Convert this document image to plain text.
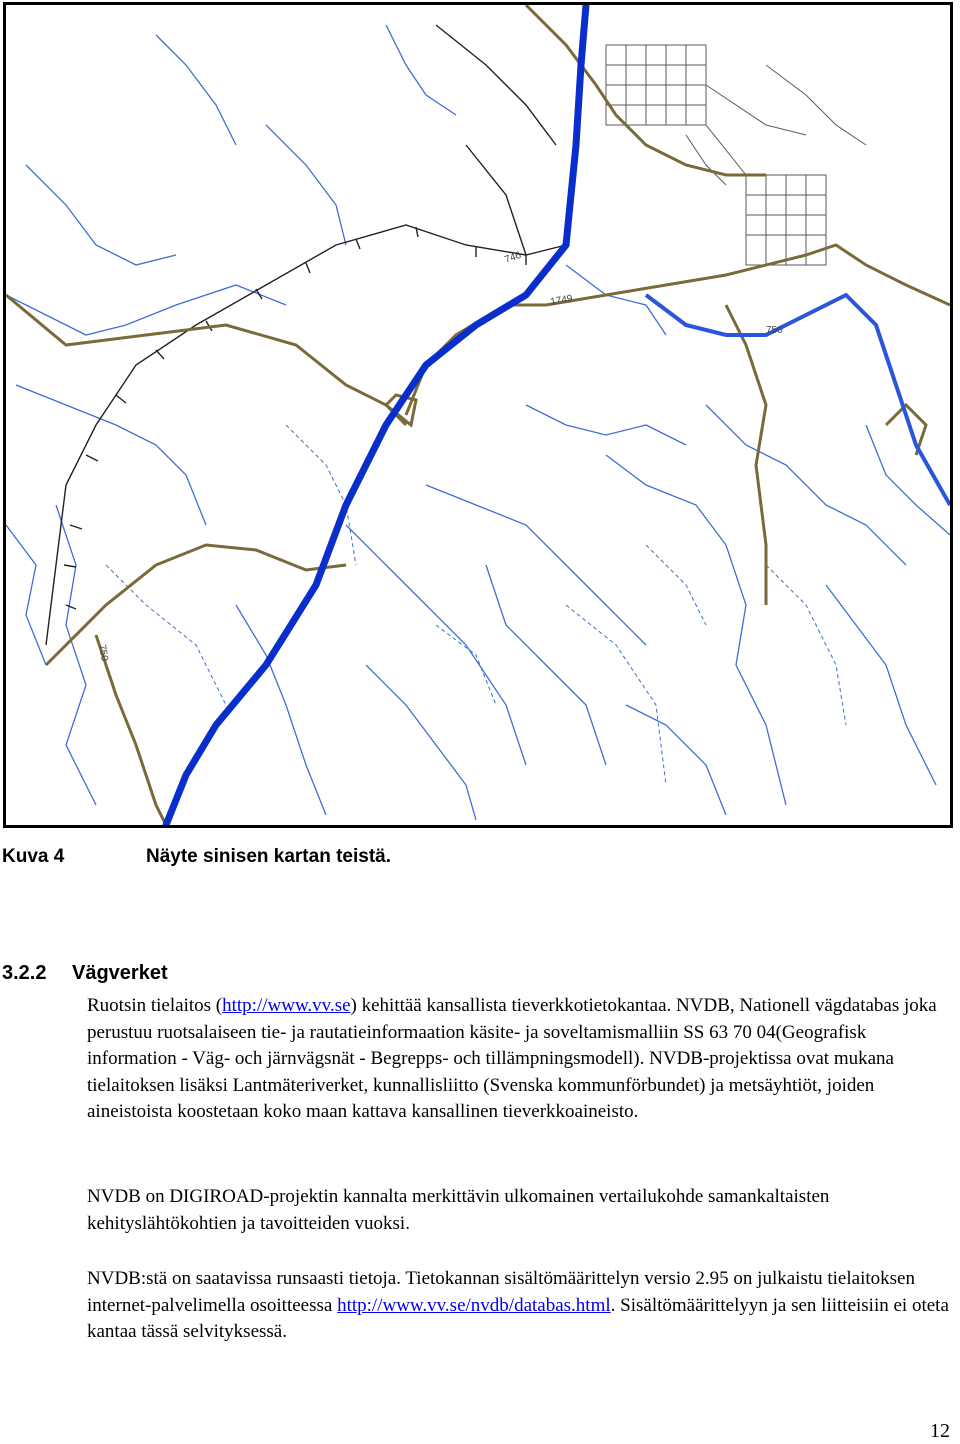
750
750
746
1749
Kuva 4	Näyte sinisen kartan teistä.
3.2.2 Vägverket
Ruotsin tielaitos (http://www.vv.se) kehittää kansallista tieverkkotietokantaa. NVDB, Nationell vägdatabas joka perustuu ruotsalaiseen tie- ja rautatieinformaation käsite- ja soveltamismalliin SS 63 70 04(Geografisk information - Väg- och järnvägsnät - Begrepps- och tillämpningsmodell). NVDB-projektissa ovat mukana tielaitoksen lisäksi Lantmäteriverket, kunnallisliitto (Svenska kommunförbundet) ja metsäyhtiöt, joiden aineistoista koostetaan koko maan kattava kansallinen tieverkkoaineisto.
NVDB on DIGIROAD-projektin kannalta merkittävin ulkomainen vertailukohde samankaltaisten kehityslähtökohtien ja tavoitteiden vuoksi.
NVDB:stä on saatavissa runsaasti tietoja. Tietokannan sisältömäärittelyn versio 2.95 on julkaistu tielaitoksen internet-palvelimella osoitteessa http://www.vv.se/nvdb/databas.html. Sisältömäärittelyyn ja sen liitteisiin ei oteta kantaa tässä selvityksessä.
12
